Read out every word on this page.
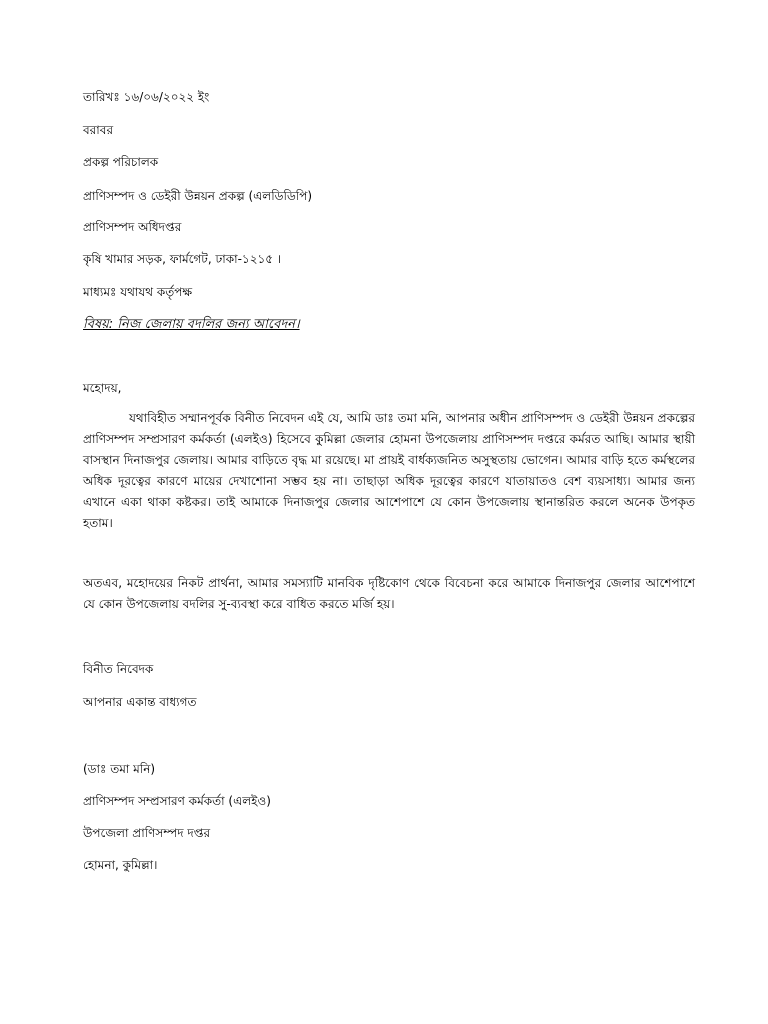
তারিখঃ ১৬/০৬/২০২২ ইং
বরাবর
প্রকল্প পরিচালক
প্রাণিসম্পদ ও ডেইরী উন্নয়ন প্রকল্প (এলডিডিপি)
প্রাণিসম্পদ অধিদপ্তর
কৃষি খামার সড়ক, ফার্মগেট, ঢাকা-১২১৫ ।
মাধ্যমঃ যথাযথ কর্তৃপক্ষ
বিষয়: নিজ জেলায় বদলির জন্য আবেদন।
মহোদয়,
যথাবিহীত সম্মানপূর্বক বিনীত নিবেদন এই যে, আমি ডাঃ তমা মনি, আপনার অধীন প্রাণিসম্পদ ও ডেইরী উন্নয়ন প্রকল্পের প্রাণিসম্পদ সম্প্রসারণ কর্মকর্তা (এলইও) হিসেবে কুমিল্লা জেলার হোমনা উপজেলায় প্রাণিসম্পদ দপ্তরে কর্মরত আছি। আমার স্থায়ী বাসস্থান দিনাজপুর জেলায়। আমার বাড়িতে বৃদ্ধ মা রয়েছে। মা প্রায়ই বার্ধক্যজনিত অসুস্থতায় ভোগেন। আমার বাড়ি হতে কর্মস্থলের অধিক দূরত্বের কারণে মায়ের দেখাশোনা সম্ভব হয় না। তাছাড়া অধিক দূরত্বের কারণে যাতায়াতও বেশ ব্যয়সাধ্য। আমার জন্য এখানে একা থাকা কষ্টকর। তাই আমাকে দিনাজপুর জেলার আশেপাশে যে কোন উপজেলায় স্থানান্তরিত করলে অনেক উপকৃত হতাম।
অতএব, মহোদয়ের নিকট প্রার্থনা, আমার সমস্যাটি মানবিক দৃষ্টিকোণ থেকে বিবেচনা করে আমাকে দিনাজপুর জেলার আশেপাশে যে কোন উপজেলায় বদলির সু-ব্যবস্থা করে বাধিত করতে মর্জি হয়।
বিনীত নিবেদক
আপনার একান্ত বাধ্যগত
(ডাঃ তমা মনি)
প্রাণিসম্পদ সম্প্রসারণ কর্মকর্তা (এলইও)
উপজেলা প্রাণিসম্পদ দপ্তর
হোমনা, কুমিল্লা।
